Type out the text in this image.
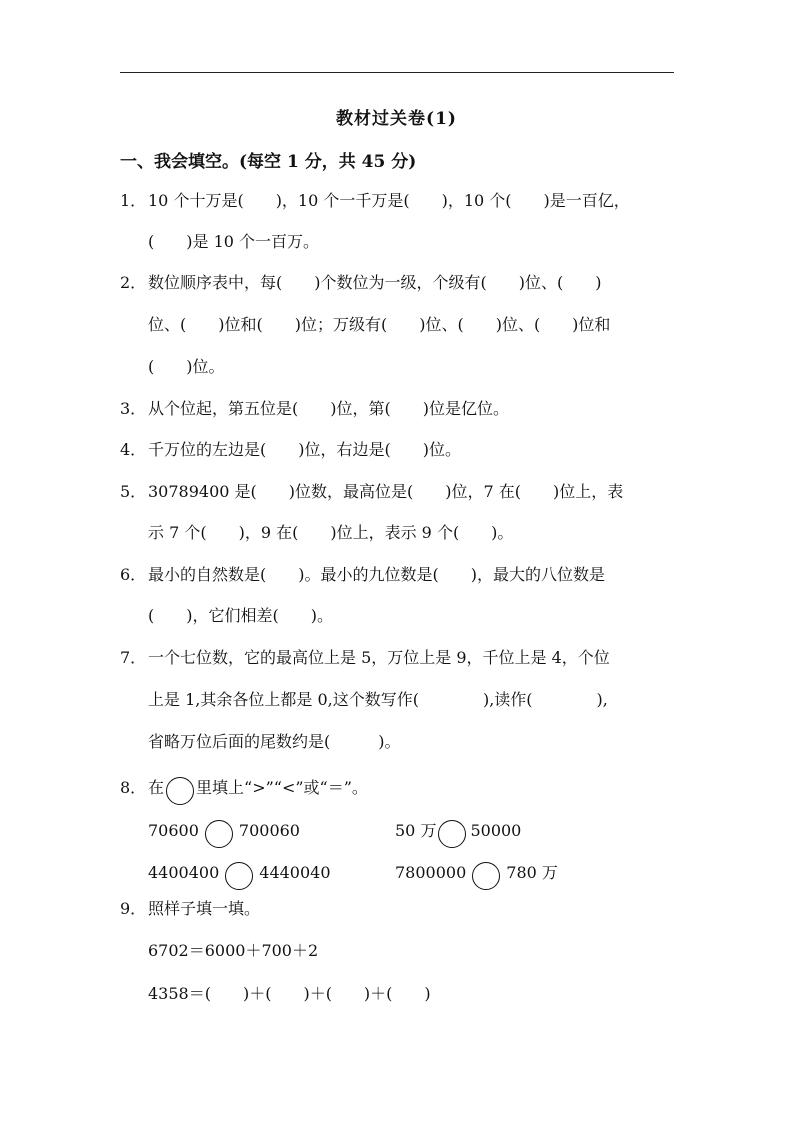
教材过关卷(1)
一、我会填空。(每空 1 分，共 45 分)
1． 10 个十万是(　　)，10 个一千万是(　　)，10 个(　　)是一百亿，
(　　)是 10 个一百万。
2． 数位顺序表中，每(　　)个数位为一级，个级有(　　)位、(　　)
位、(　　)位和(　　)位；万级有(　　)位、(　　)位、(　　)位和
(　　)位。
3． 从个位起，第五位是(　　)位，第(　　)位是亿位。
4． 千万位的左边是(　　)位，右边是(　　)位。
5． 30789400 是(　　)位数，最高位是(　　)位，7 在(　　)位上，表
示 7 个(　　)，9 在(　　)位上，表示 9 个(　　)。
6． 最小的自然数是(　　)。最小的九位数是(　　)，最大的八位数是
(　　)，它们相差(　　)。
7． 一个七位数，它的最高位上是 5，万位上是 9，千位上是 4，个位
上是 1,其余各位上都是 0,这个数写作(　　　　),读作(　　　　),
省略万位后面的尾数约是(　　　)。
8． 在 里填上“>”“<”或“＝”。
70600	700060	50 万 50000
4400400	4440040	7800000	780 万
9． 照样子填一填。
6702＝6000＋700＋2
4358＝(　　)＋(　　)＋(　　)＋(　　)
